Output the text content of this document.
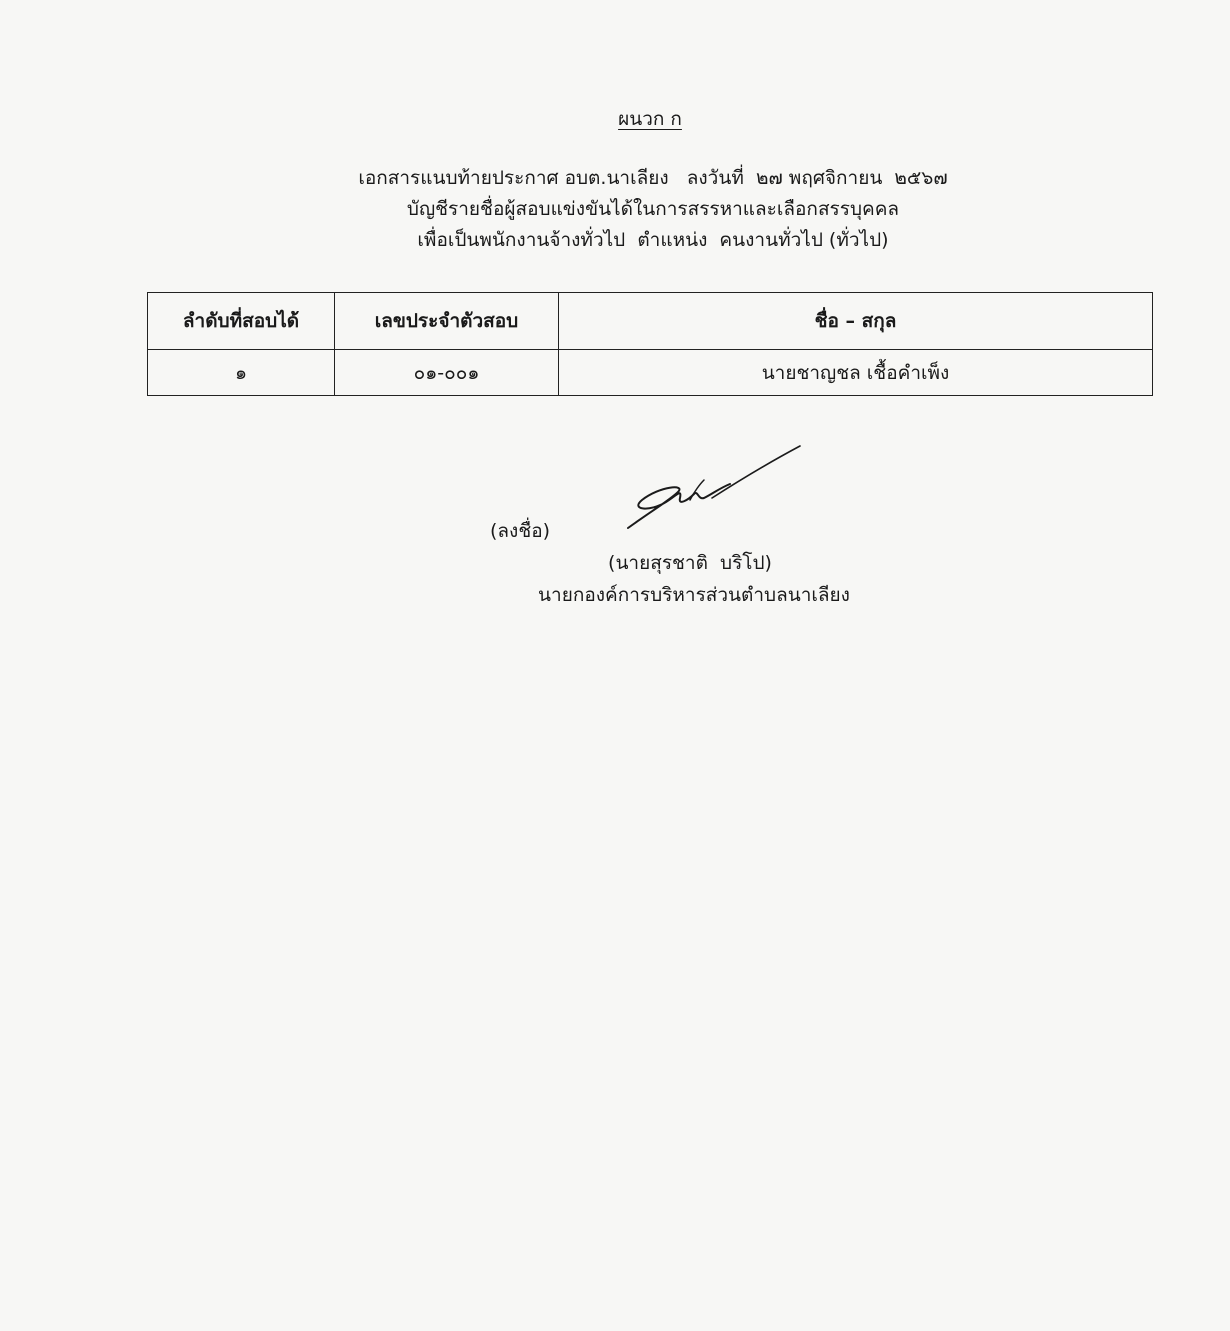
ผนวก ก
เอกสารแนบท้ายประกาศ อบต.นาเลียง   ลงวันที่  ๒๗ พฤศจิกายน  ๒๕๖๗
บัญชีรายชื่อผู้สอบแข่งขันได้ในการสรรหาและเลือกสรรบุคคล
เพื่อเป็นพนักงานจ้างทั่วไป  ตำแหน่ง  คนงานทั่วไป (ทั่วไป)
ลำดับที่สอบได้	เลขประจำตัวสอบ	ชื่อ – สกุล
๑	๐๑-๐๐๑	นายชาญชล เชื้อคำเพ็ง
(ลงชื่อ)
(นายสุรชาติ  บริโป)
นายกองค์การบริหารส่วนตำบลนาเลียง
